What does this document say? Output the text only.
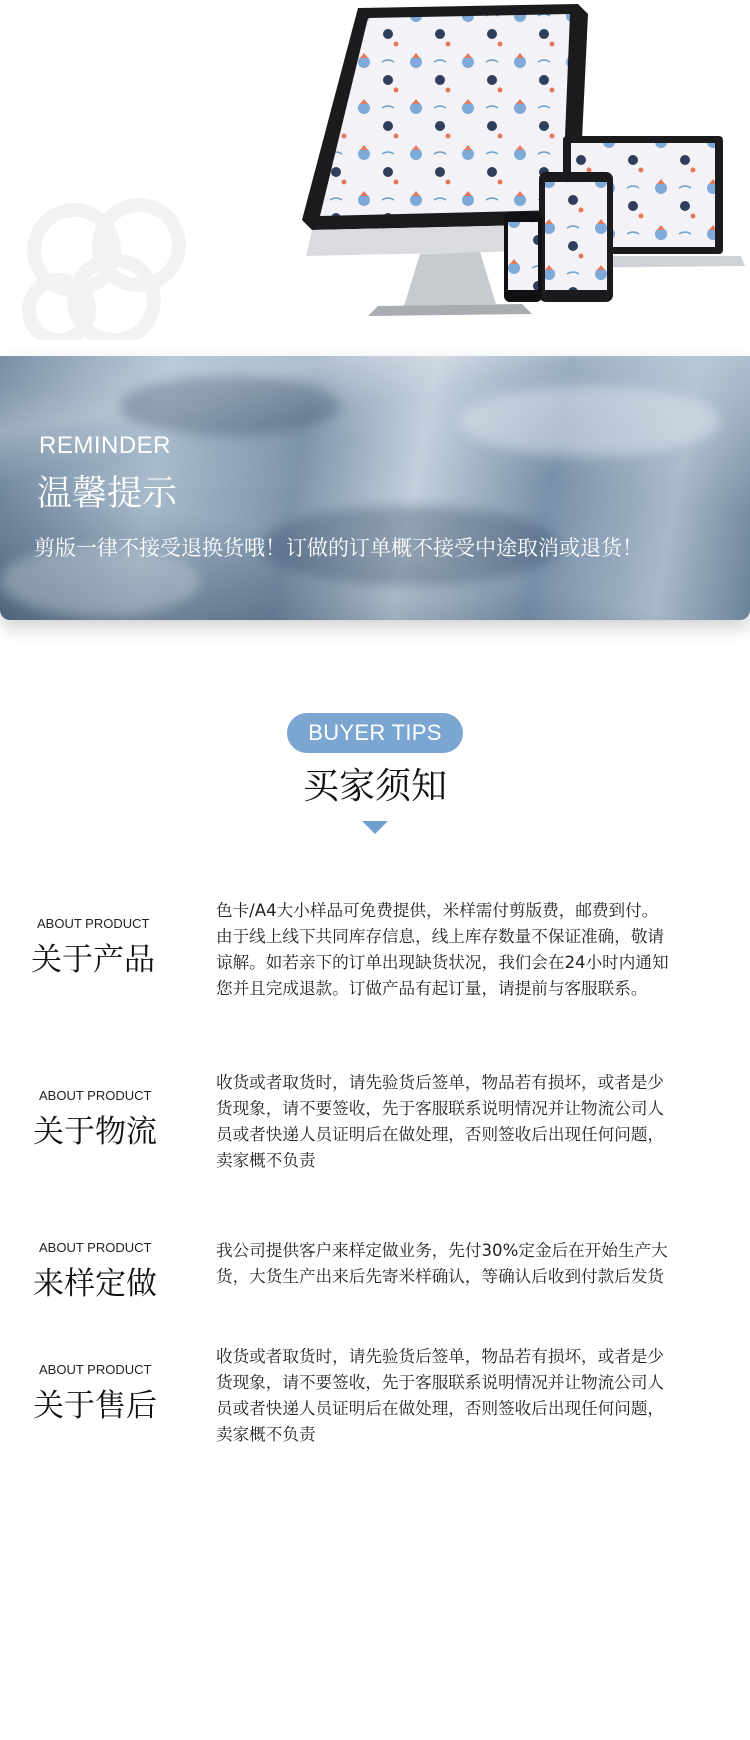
REMINDER
温馨提示
剪版一律不接受退换货哦！订做的订单概不接受中途取消或退货！
BUYER TIPS
买家须知
ABOUT PRODUCT
关于产品
色卡/A4大小样品可免费提供，米样需付剪版费，邮费到付。
由于线上线下共同库存信息，线上库存数量不保证准确，敬请
谅解。如若亲下的订单出现缺货状况，我们会在24小时内通知
您并且完成退款。订做产品有起订量，请提前与客服联系。
ABOUT PRODUCT
关于物流
收货或者取货时，请先验货后签单，物品若有损坏，或者是少
货现象，请不要签收，先于客服联系说明情况并让物流公司人
员或者快递人员证明后在做处理，否则签收后出现任何问题，
卖家概不负责
ABOUT PRODUCT
来样定做
我公司提供客户来样定做业务，先付30%定金后在开始生产大
货，大货生产出来后先寄米样确认，等确认后收到付款后发货
ABOUT PRODUCT
关于售后
收货或者取货时，请先验货后签单，物品若有损坏，或者是少
货现象，请不要签收，先于客服联系说明情况并让物流公司人
员或者快递人员证明后在做处理，否则签收后出现任何问题，
卖家概不负责
